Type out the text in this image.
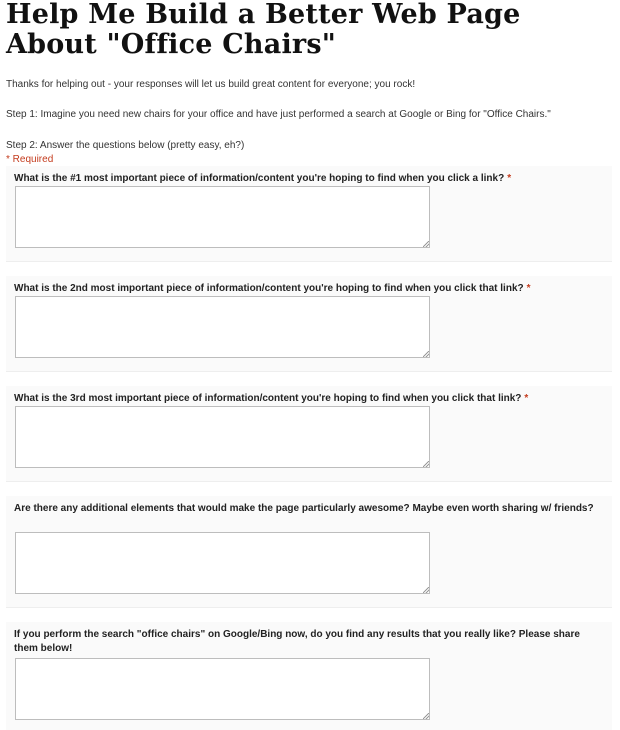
Help Me Build a Better Web Page About "Office Chairs"

Thanks for helping out - your responses will let us build great content for everyone; you rock!

Step 1: Imagine you need new chairs for your office and have just performed a search at Google or Bing for "Office Chairs."

Step 2: Answer the questions below (pretty easy, eh?)

* Required

What is the #1 most important piece of information/content you're hoping to find when you click a link? *
What is the 2nd most important piece of information/content you're hoping to find when you click that link? *
What is the 3rd most important piece of information/content you're hoping to find when you click that link? *
Are there any additional elements that would make the page particularly awesome? Maybe even worth sharing w/ friends?
If you perform the search "office chairs" on Google/Bing now, do you find any results that you really like? Please share them below!
